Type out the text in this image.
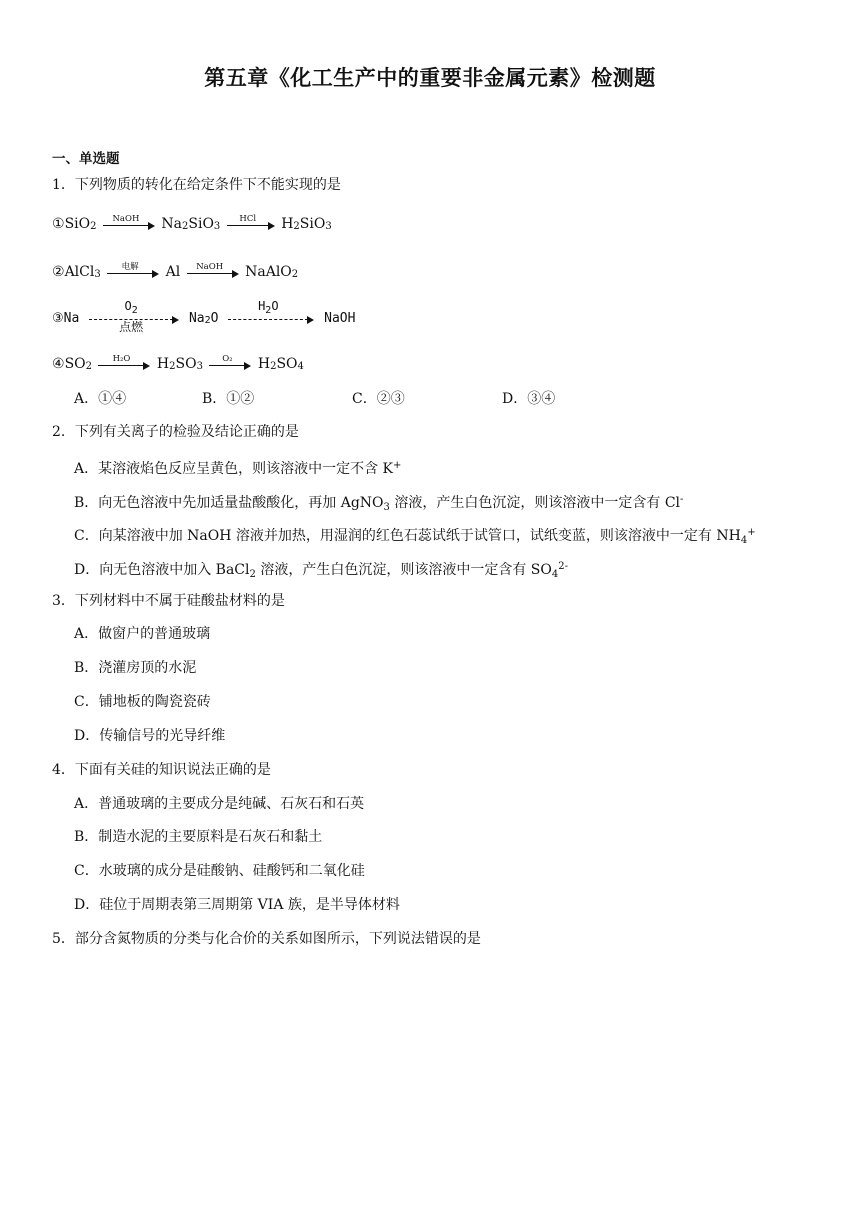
第五章《化工生产中的重要非金属元素》检测题
一、单选题
1．下列物质的转化在给定条件下不能实现的是
①SiO$_2$
NaOH	$Na_2SiO_3$
HCl	$H_2SiO_3$
②AlCl$_3$
电解	Al	NaOH	NaAlO$_2$
③Na
$O_2$
点燃
$Na_2O$
$H_2O$
NaOH
$④SO_2$
H₂O	$H_2SO_3$
O₂	$H_2SO_4$
A．①④	B．①②	C．②③	D．③④
2．下列有关离子的检验及结论正确的是
A．某溶液焰色反应呈黄色，则该溶液中一定不含 K+
B．向无色溶液中先加适量盐酸酸化，再加 AgNO$_3$ 溶液，产生白色沉淀，则该溶液中一定含有 Cl-
C．向某溶液中加 NaOH 溶液并加热，用湿润的红色石蕊试纸于试管口，试纸变蓝，则该溶液中一定有 $NH_4^+$
D．向无色溶液中加入 BaCl$_2$ 溶液，产生白色沉淀，则该溶液中一定含有 $SO_4^{2-}$
3．下列材料中不属于硅酸盐材料的是
A．做窗户的普通玻璃
B．浇灌房顶的水泥
C．铺地板的陶瓷瓷砖
D．传输信号的光导纤维
4．下面有关硅的知识说法正确的是
A．普通玻璃的主要成分是纯碱、石灰石和石英
B．制造水泥的主要原料是石灰石和黏土
C．水玻璃的成分是硅酸钠、硅酸钙和二氧化硅
D．硅位于周期表第三周期第 VIA 族，是半导体材料
5．部分含氮物质的分类与化合价的关系如图所示，下列说法错误的是
